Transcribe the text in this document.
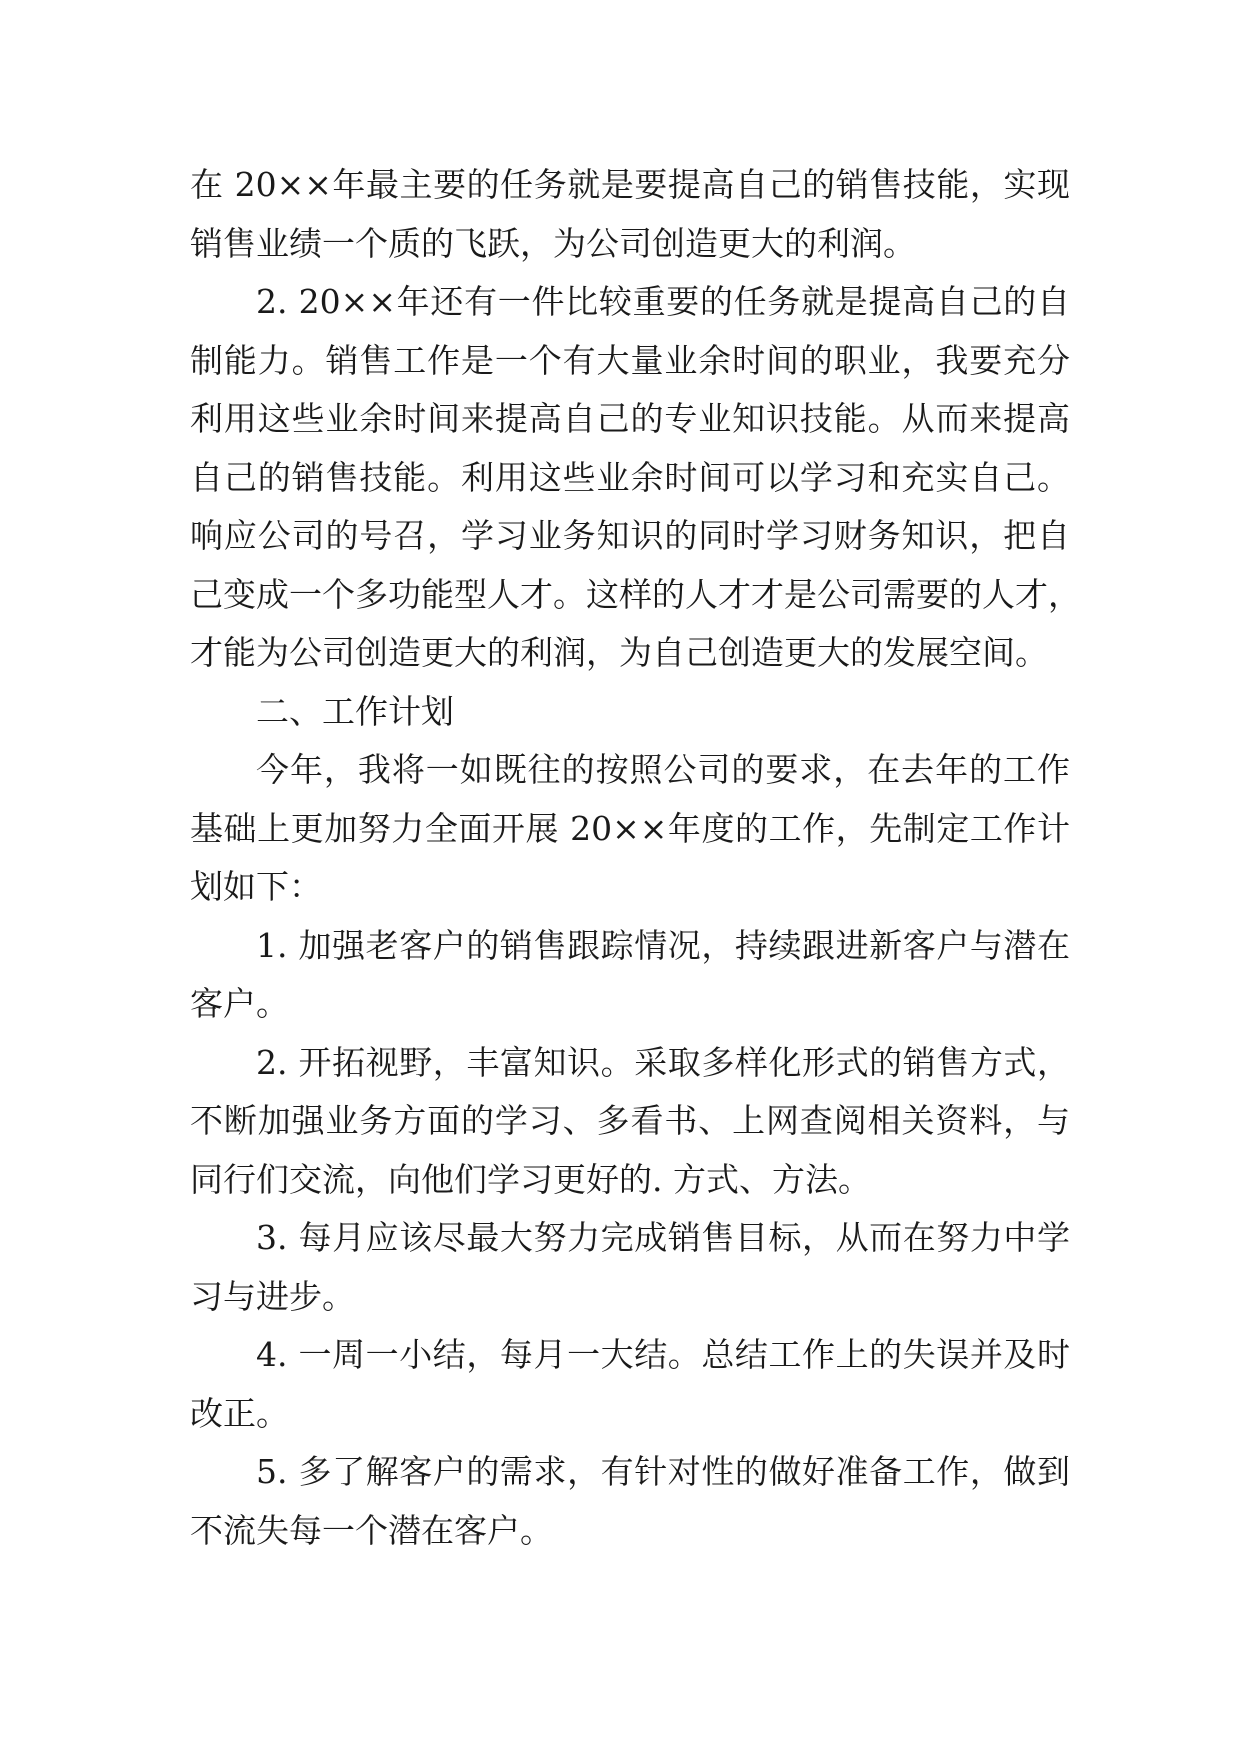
在 20××年最主要的任务就是要提高自己的销售技能，实现
销售业绩一个质的飞跃，为公司创造更大的利润。
2. 20××年还有一件比较重要的任务就是提高自己的自
制能力。销售工作是一个有大量业余时间的职业，我要充分
利用这些业余时间来提高自己的专业知识技能。从而来提高
自己的销售技能。利用这些业余时间可以学习和充实自己。
响应公司的号召，学习业务知识的同时学习财务知识，把自
己变成一个多功能型人才。这样的人才才是公司需要的人才，
才能为公司创造更大的利润，为自己创造更大的发展空间。
二、工作计划
今年，我将一如既往的按照公司的要求，在去年的工作
基础上更加努力全面开展 20××年度的工作，先制定工作计
划如下：
1. 加强老客户的销售跟踪情况，持续跟进新客户与潜在
客户。
2. 开拓视野，丰富知识。采取多样化形式的销售方式，
不断加强业务方面的学习、多看书、上网查阅相关资料，与
同行们交流，向他们学习更好的. 方式、方法。
3. 每月应该尽最大努力完成销售目标，从而在努力中学
习与进步。
4. 一周一小结，每月一大结。总结工作上的失误并及时
改正。
5. 多了解客户的需求，有针对性的做好准备工作，做到
不流失每一个潜在客户。
